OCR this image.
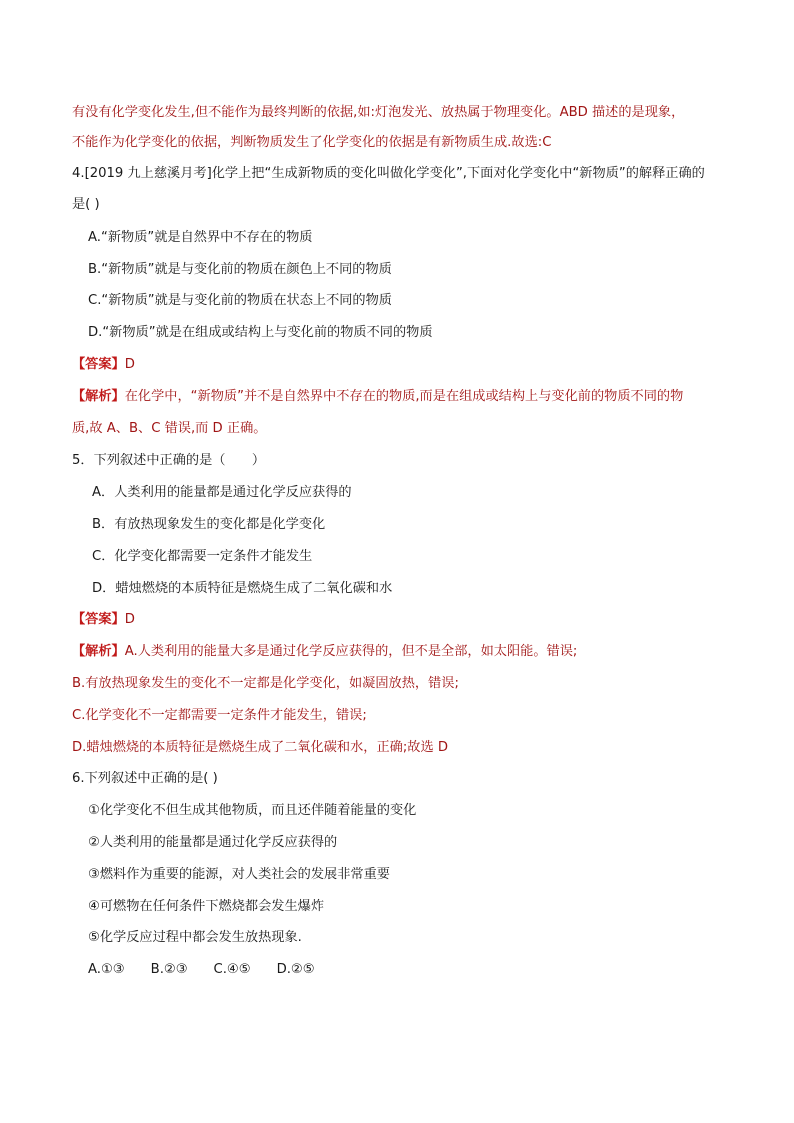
有没有化学变化发生,但不能作为最终判断的依据,如:灯泡发光、放热属于物理变化。ABD 描述的是现象，
不能作为化学变化的依据，判断物质发生了化学变化的依据是有新物质生成.故选:C
4.[2019 九上慈溪月考]化学上把“生成新物质的变化叫做化学变化”,下面对化学变化中“新物质”的解释正确的
是( )
A.“新物质”就是自然界中不存在的物质
B.“新物质”就是与变化前的物质在颜色上不同的物质
C.“新物质”就是与变化前的物质在状态上不同的物质
D.“新物质”就是在组成或结构上与变化前的物质不同的物质
【答案】D
【解析】在化学中，“新物质”并不是自然界中不存在的物质,而是在组成或结构上与变化前的物质不同的物
质,故 A、B、C 错误,而 D 正确。
5．下列叙述中正确的是（　　）
A．人类利用的能量都是通过化学反应获得的
B．有放热现象发生的变化都是化学变化
C．化学变化都需要一定条件才能发生
D．蜡烛燃烧的本质特征是燃烧生成了二氧化碳和水
【答案】D
【解析】A.人类利用的能量大多是通过化学反应获得的，但不是全部，如太阳能。错误;
B.有放热现象发生的变化不一定都是化学变化，如凝固放热，错误;
C.化学变化不一定都需要一定条件才能发生，错误;
D.蜡烛燃烧的本质特征是燃烧生成了二氧化碳和水，正确;故选 D
6.下列叙述中正确的是( )
①化学变化不但生成其他物质，而且还伴随着能量的变化
②人类利用的能量都是通过化学反应获得的
③燃料作为重要的能源，对人类社会的发展非常重要
④可燃物在任何条件下燃烧都会发生爆炸
⑤化学反应过程中都会发生放热现象.
A.①③ B.②③ C.④⑤ D.②⑤
